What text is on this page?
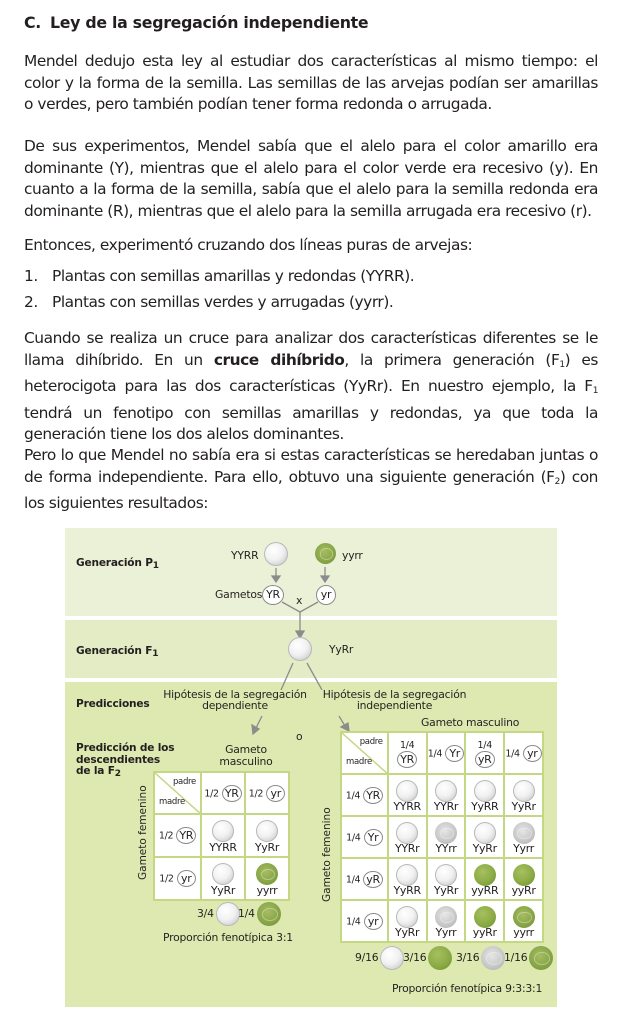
C. Ley de la segregación independiente
Mendel dedujo esta ley al estudiar dos características al mismo tiempo: el color y la forma de la semilla. Las semillas de las arvejas podían ser amarillas o verdes, pero también podían tener forma redonda o arrugada.
De sus experimentos, Mendel sabía que el alelo para el color amarillo era dominante (Y), mientras que el alelo para el color verde era recesivo (y). En cuanto a la forma de la semilla, sabía que el alelo para la semilla redonda era dominante (R), mientras que el alelo para la semilla arrugada era recesivo (r).
Entonces, experimentó cruzando dos líneas puras de arvejas:
1. Plantas con semillas amarillas y redondas (YYRR).
2. Plantas con semillas verdes y arrugadas (yyrr).
Cuando se realiza un cruce para analizar dos características diferentes se le llama dihíbrido. En un cruce dihíbrido, la primera generación $(F_1)$ es heterocigota para las dos características (YyRr). En nuestro ejemplo, la $F_1$ tendrá un fenotipo con semillas amarillas y redondas, ya que toda la generación tiene los dos alelos dominantes.
Pero lo que Mendel no sabía era si estas características se heredaban juntas o de forma independiente. Para ello, obtuvo una siguiente generación $(F_2)$ con los siguientes resultados:
Generación $P_1$
YYRR	yyrr
Gametos YR	x	yr
Generación $F_1$	YyRr
Predicciones
Hipótesis de la segregación dependiente
Hipótesis de la segregación independiente
o
Predicción de los
descendientes
de la $F_2$
Gameto masculino
Gameto femenino
padre
madre	1/2 YR	1/2 yr
1/2 YR	YYRR	YyRr

1/2 yr	YyRr	yyrr
3/4 1/4
Proporción fenotípica 3:1
Gameto masculino
Gameto femenino
padre
madre	1/4 YR	1/4 Yr	1/4 yR	1/4 yr
1/4 YR	YYRR	YYRr	YyRR	YyRr

1/4 Yr	YYRr	YYrr	YyRr	Yyrr

1/4 yR	YyRR	YyRr	yyRR	yyRr

1/4 yr	YyRr	Yyrr	yyRr	yyrr
9/16 3/16	3/16 1/16
Proporción fenotípica 9:3:3:1
